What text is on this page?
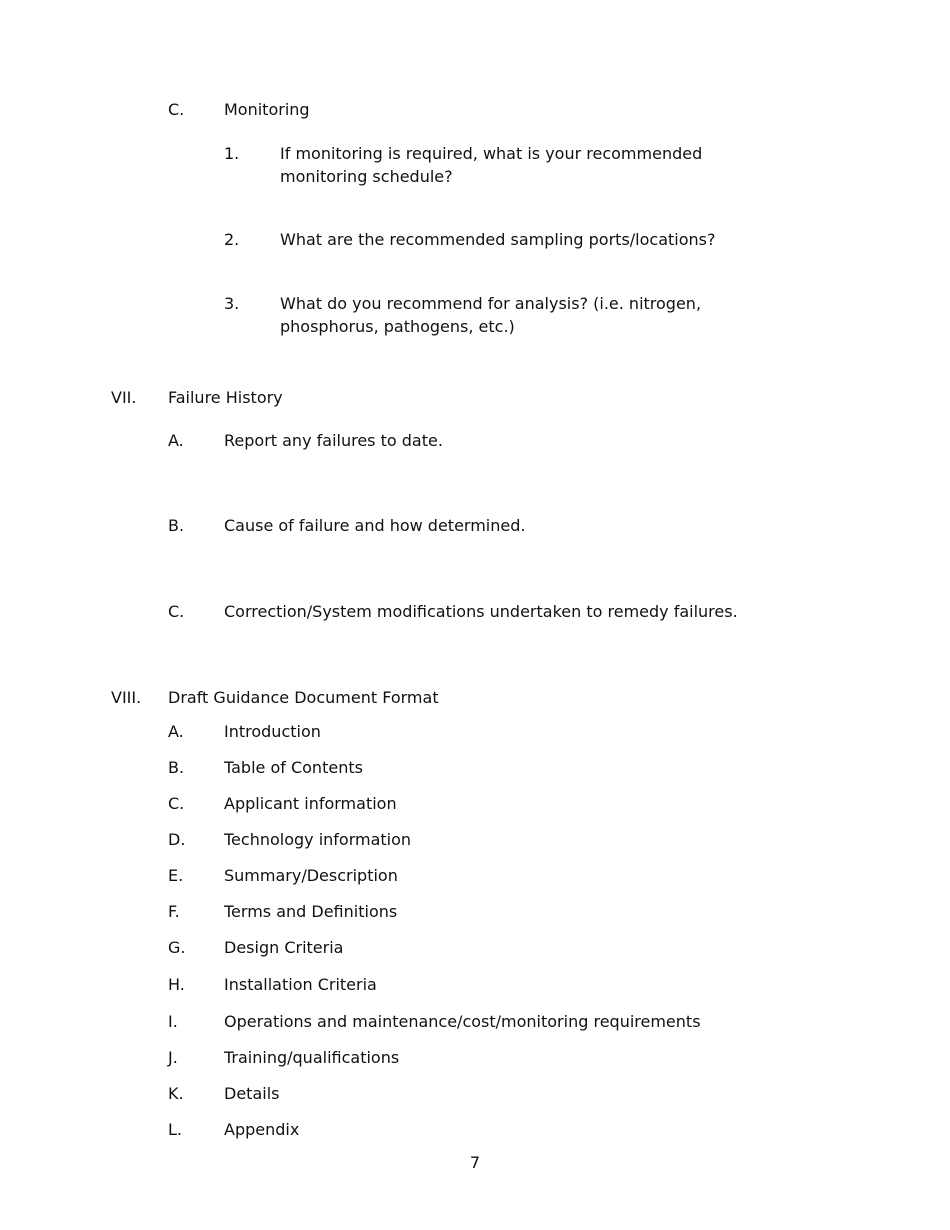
C. Monitoring
1.	If monitoring is required, what is your recommended monitoring schedule?
2.	What are the recommended sampling ports/locations?
3.	What do you recommend for analysis? (i.e. nitrogen, phosphorus, pathogens, etc.)
VII. Failure History
A.	Report any failures to date.
B. Cause of failure and how determined.
C. Correction/System modifications undertaken to remedy failures.
VIII. Draft Guidance Document Format
A.	Introduction
B. Table of Contents
C. Applicant information
D. Technology information
E.	Summary/Description
F.	Terms and Definitions
G. Design Criteria
H. Installation Criteria
I.	Operations and maintenance/cost/monitoring requirements
J.	Training/qualifications
K.	Details
L.	Appendix
7
